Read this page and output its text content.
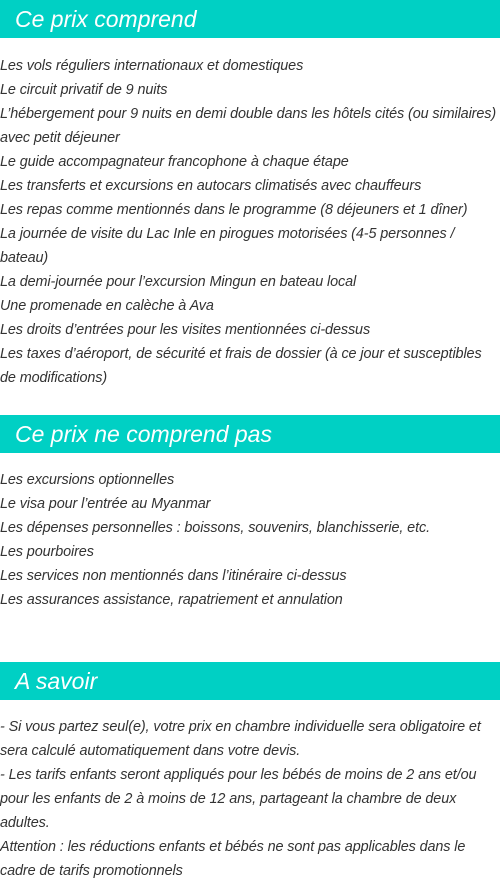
Ce prix comprend
Les vols réguliers internationaux et domestiques
Le circuit privatif de 9 nuits
L’hébergement pour 9 nuits en demi double dans les hôtels cités (ou similaires) avec petit déjeuner
Le guide accompagnateur francophone à chaque étape
Les transferts et excursions en autocars climatisés avec chauffeurs
Les repas comme mentionnés dans le programme (8 déjeuners et 1 dîner)
La journée de visite du Lac Inle en pirogues motorisées (4-5 personnes / bateau)
La demi-journée pour l’excursion Mingun en bateau local
Une promenade en calèche à Ava
Les droits d’entrées pour les visites mentionnées ci-dessus
Les taxes d’aéroport, de sécurité et frais de dossier (à ce jour et susceptibles de modifications)
Ce prix ne comprend pas
Les excursions optionnelles
Le visa pour l’entrée au Myanmar
Les dépenses personnelles : boissons, souvenirs, blanchisserie, etc.
Les pourboires
Les services non mentionnés dans l’itinéraire ci-dessus
Les assurances assistance, rapatriement et annulation
A savoir
- Si vous partez seul(e), votre prix en chambre individuelle sera obligatoire et sera calculé automatiquement dans votre devis.
- Les tarifs enfants seront appliqués pour les bébés de moins de 2 ans et/ou pour les enfants de 2 à moins de 12 ans, partageant la chambre de deux adultes.
Attention : les réductions enfants et bébés ne sont pas applicables dans le cadre de tarifs promotionnels
